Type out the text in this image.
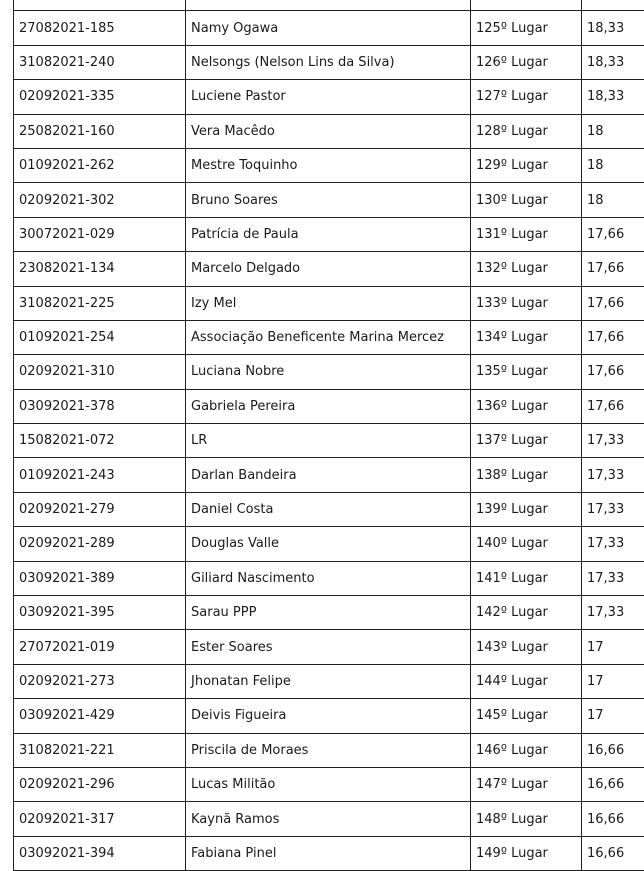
27082021-185	Namy Ogawa	125º Lugar	18,33
31082021-240	Nelsongs (Nelson Lins da Silva)	126º Lugar	18,33
02092021-335	Luciene Pastor	127º Lugar	18,33
25082021-160	Vera Macêdo	128º Lugar	18
01092021-262	Mestre Toquinho	129º Lugar	18
02092021-302	Bruno Soares	130º Lugar	18
30072021-029	Patrícia de Paula	131º Lugar	17,66
23082021-134	Marcelo Delgado	132º Lugar	17,66
31082021-225	Izy Mel	133º Lugar	17,66
01092021-254	Associação Beneficente Marina Mercez	134º Lugar	17,66
02092021-310	Luciana Nobre	135º Lugar	17,66
03092021-378	Gabriela Pereira	136º Lugar	17,66
15082021-072	LR	137º Lugar	17,33
01092021-243	Darlan Bandeira	138º Lugar	17,33
02092021-279	Daniel Costa	139º Lugar	17,33
02092021-289	Douglas Valle	140º Lugar	17,33
03092021-389	Giliard Nascimento	141º Lugar	17,33
03092021-395	Sarau PPP	142º Lugar	17,33
27072021-019	Ester Soares	143º Lugar	17
02092021-273	Jhonatan Felipe	144º Lugar	17
03092021-429	Deivis Figueira	145º Lugar	17
31082021-221	Priscila de Moraes	146º Lugar	16,66
02092021-296	Lucas Militão	147º Lugar	16,66
02092021-317	Kaynã Ramos	148º Lugar	16,66
03092021-394	Fabiana Pinel	149º Lugar	16,66
